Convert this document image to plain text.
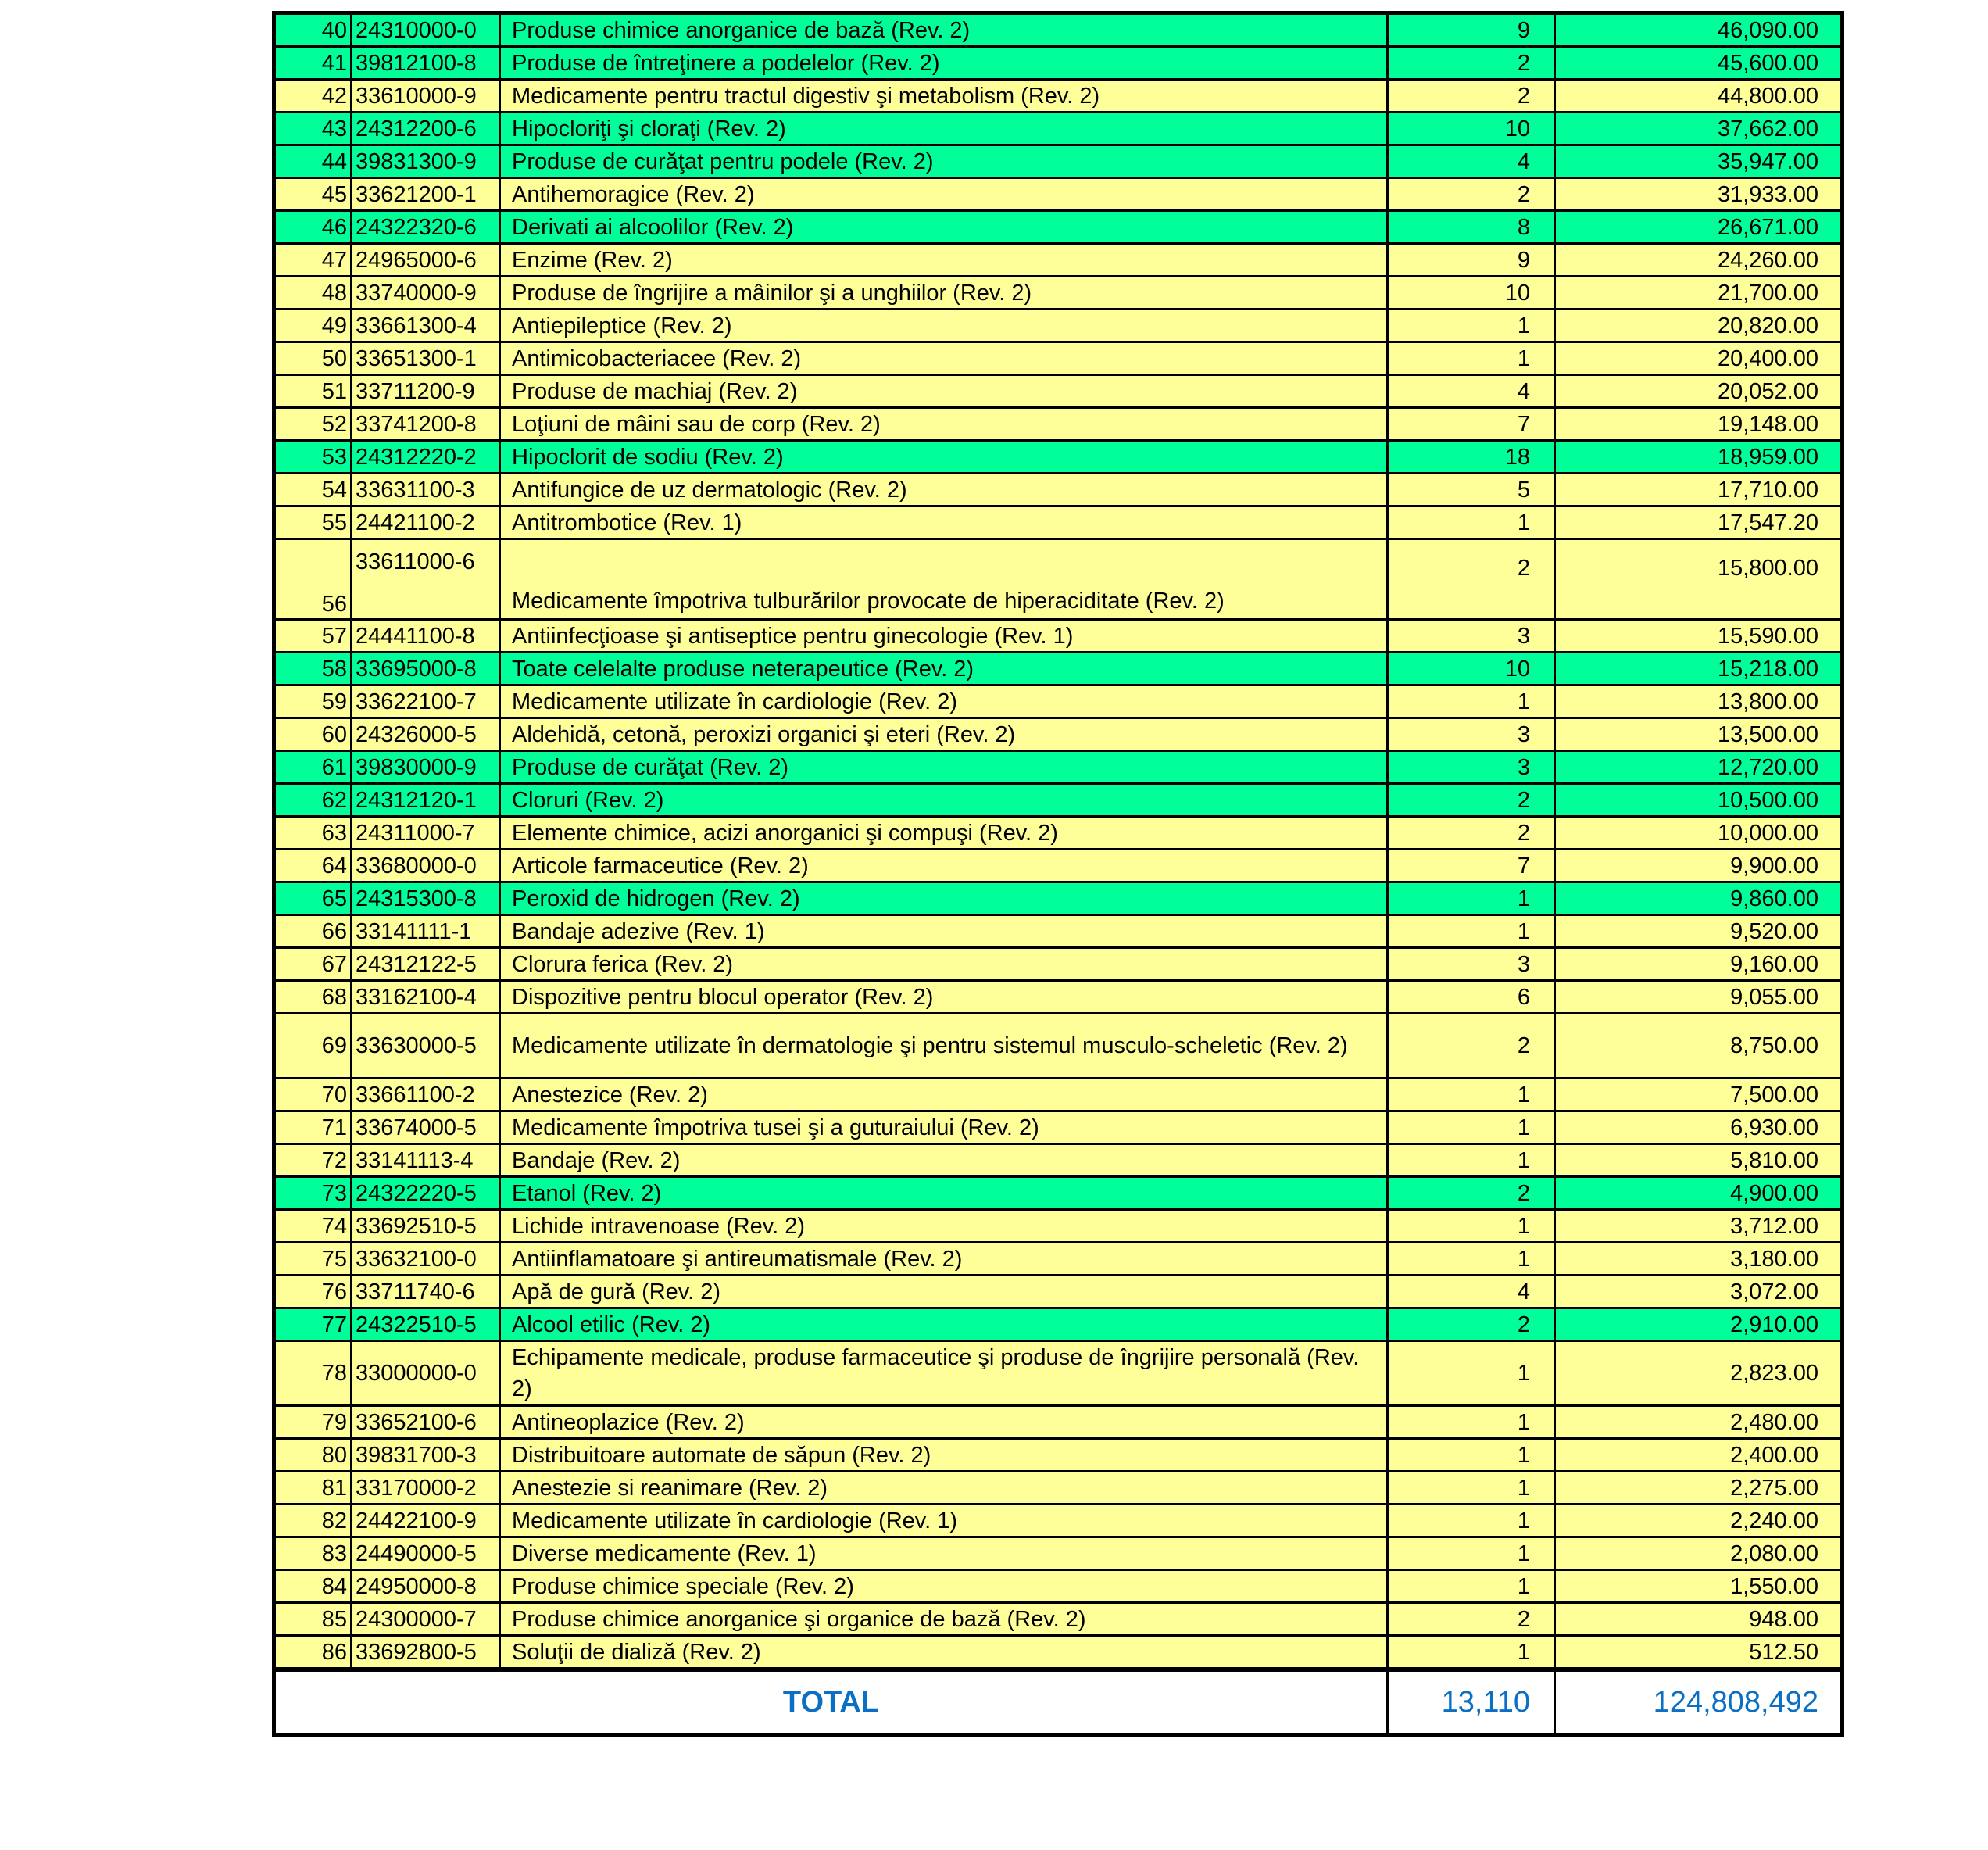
40	24310000-0	Produse chimice anorganice de bază (Rev. 2)	9	46,090.00
41	39812100-8	Produse de întreţinere a podelelor (Rev. 2)	2	45,600.00
42	33610000-9	Medicamente pentru tractul digestiv şi metabolism (Rev. 2)	2	44,800.00
43	24312200-6	Hipocloriţi şi cloraţi (Rev. 2)	10	37,662.00
44	39831300-9	Produse de curăţat pentru podele (Rev. 2)	4	35,947.00
45	33621200-1	Antihemoragice (Rev. 2)	2	31,933.00
46	24322320-6	Derivati ai alcoolilor (Rev. 2)	8	26,671.00
47	24965000-6	Enzime (Rev. 2)	9	24,260.00
48	33740000-9	Produse de îngrijire a mâinilor şi a unghiilor (Rev. 2)	10	21,700.00
49	33661300-4	Antiepileptice (Rev. 2)	1	20,820.00
50	33651300-1	Antimicobacteriacee (Rev. 2)	1	20,400.00
51	33711200-9	Produse de machiaj (Rev. 2)	4	20,052.00
52	33741200-8	Loţiuni de mâini sau de corp (Rev. 2)	7	19,148.00
53	24312220-2	Hipoclorit de sodiu (Rev. 2)	18	18,959.00
54	33631100-3	Antifungice de uz dermatologic (Rev. 2)	5	17,710.00
55	24421100-2	Antitrombotice (Rev. 1)	1	17,547.20
56	33611000-6	Medicamente împotriva tulburărilor provocate de hiperaciditate (Rev. 2)	2	15,800.00
57	24441100-8	Antiinfecţioase şi antiseptice pentru ginecologie (Rev. 1)	3	15,590.00
58	33695000-8	Toate celelalte produse neterapeutice (Rev. 2)	10	15,218.00
59	33622100-7	Medicamente utilizate în cardiologie (Rev. 2)	1	13,800.00
60	24326000-5	Aldehidă, cetonă, peroxizi organici şi eteri (Rev. 2)	3	13,500.00
61	39830000-9	Produse de curăţat (Rev. 2)	3	12,720.00
62	24312120-1	Cloruri (Rev. 2)	2	10,500.00
63	24311000-7	Elemente chimice, acizi anorganici şi compuşi (Rev. 2)	2	10,000.00
64	33680000-0	Articole farmaceutice (Rev. 2)	7	9,900.00
65	24315300-8	Peroxid de hidrogen (Rev. 2)	1	9,860.00
66	33141111-1	Bandaje adezive (Rev. 1)	1	9,520.00
67	24312122-5	Clorura ferica (Rev. 2)	3	9,160.00
68	33162100-4	Dispozitive pentru blocul operator (Rev. 2)	6	9,055.00
69	33630000-5	Medicamente utilizate în dermatologie şi pentru sistemul musculo-scheletic (Rev. 2)	2	8,750.00
70	33661100-2	Anestezice (Rev. 2)	1	7,500.00
71	33674000-5	Medicamente împotriva tusei şi a guturaiului (Rev. 2)	1	6,930.00
72	33141113-4	Bandaje (Rev. 2)	1	5,810.00
73	24322220-5	Etanol (Rev. 2)	2	4,900.00
74	33692510-5	Lichide intravenoase (Rev. 2)	1	3,712.00
75	33632100-0	Antiinflamatoare şi antireumatismale (Rev. 2)	1	3,180.00
76	33711740-6	Apă de gură (Rev. 2)	4	3,072.00
77	24322510-5	Alcool etilic (Rev. 2)	2	2,910.00
78	33000000-0	Echipamente medicale, produse farmaceutice şi produse de îngrijire personală (Rev. 2)	1	2,823.00
79	33652100-6	Antineoplazice (Rev. 2)	1	2,480.00
80	39831700-3	Distribuitoare automate de săpun (Rev. 2)	1	2,400.00
81	33170000-2	Anestezie si reanimare (Rev. 2)	1	2,275.00
82	24422100-9	Medicamente utilizate în cardiologie (Rev. 1)	1	2,240.00
83	24490000-5	Diverse medicamente (Rev. 1)	1	2,080.00
84	24950000-8	Produse chimice speciale (Rev. 2)	1	1,550.00
85	24300000-7	Produse chimice anorganice şi organice de bază (Rev. 2)	2	948.00
86	33692800-5	Soluţii de dializă (Rev. 2)	1	512.50
TOTAL			13,110	124,808,492
